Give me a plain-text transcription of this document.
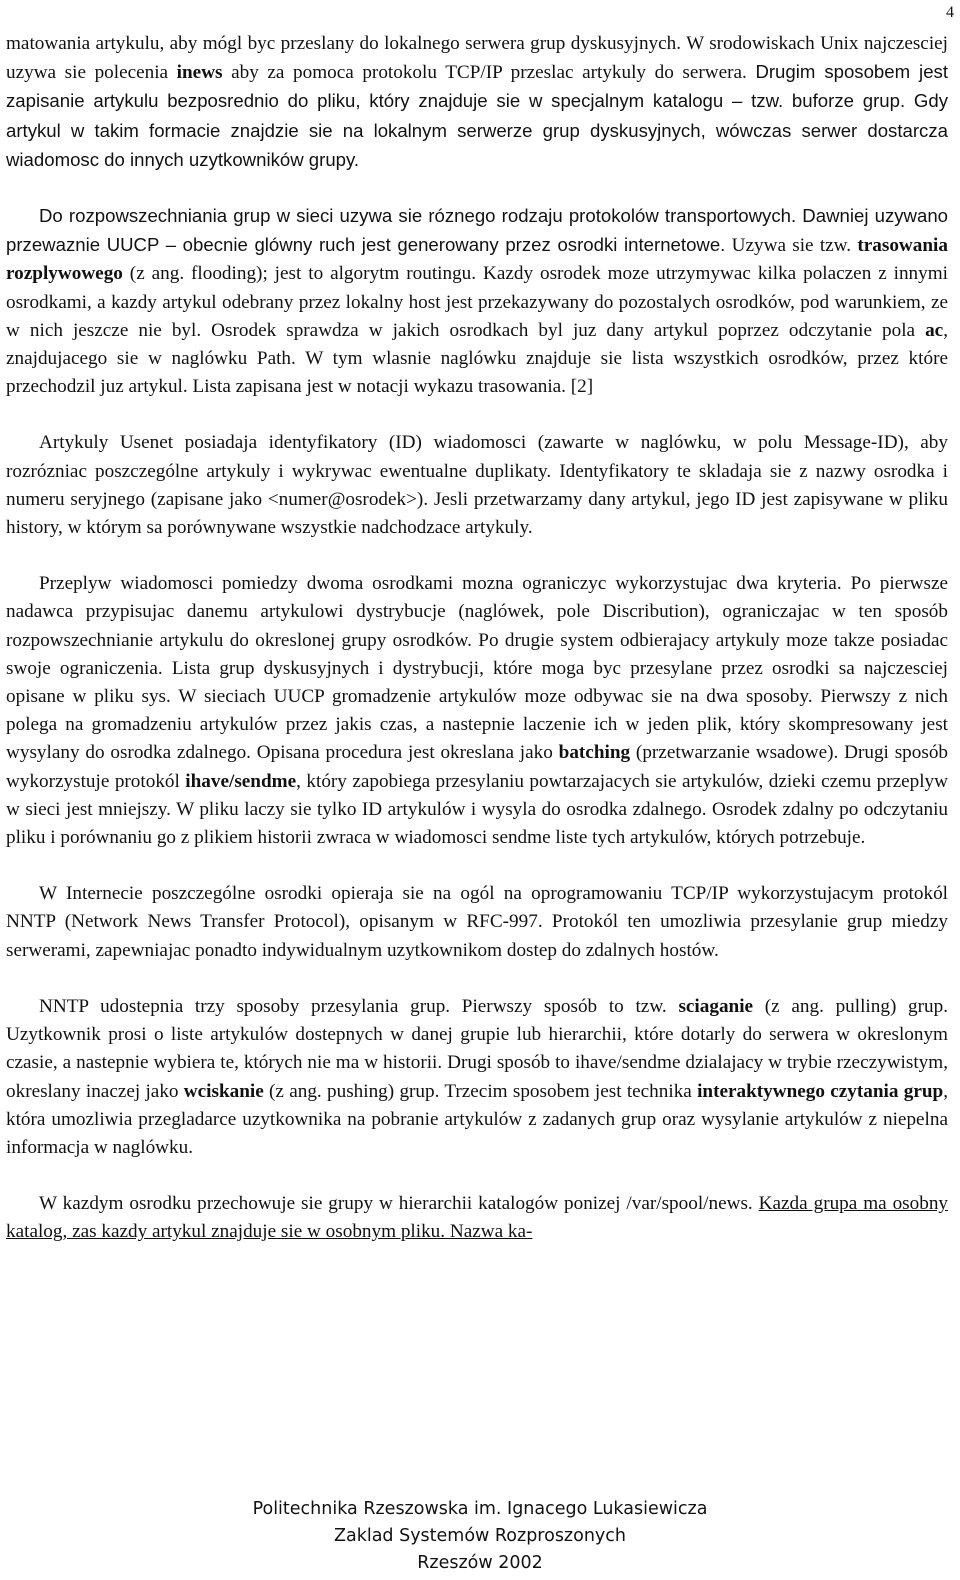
4

matowania artykulu, aby mógl byc przeslany do lokalnego serwera grup dyskusyjnych. W srodowiskach Unix najczesciej uzywa sie polecenia inews aby za pomoca protokolu TCP/IP przeslac artykuly do serwera. Drugim sposobem jest zapisanie artykulu bezposrednio do pliku, który znajduje sie w specjalnym katalogu – tzw. buforze grup. Gdy artykul w takim formacie znajdzie sie na lokalnym serwerze grup dyskusyjnych, wówczas serwer dostarcza wiadomosc do innych uzytkowników grupy.

Do rozpowszechniania grup w sieci uzywa sie róznego rodzaju protokolów transportowych. Dawniej uzywano przewaznie UUCP – obecnie glówny ruch jest generowany przez osrodki internetowe. Uzywa sie tzw. trasowania rozplywowego (z ang. flooding); jest to algorytm routingu. Kazdy osrodek moze utrzymywac kilka polaczen z innymi osrodkami, a kazdy artykul odebrany przez lokalny host jest przekazywany do pozostalych osrodków, pod warunkiem, ze w nich jeszcze nie byl. Osrodek sprawdza w jakich osrodkach byl juz dany artykul poprzez odczytanie pola ac, znajdujacego sie w naglówku Path. W tym wlasnie naglówku znajduje sie lista wszystkich osrodków, przez które przechodzil juz artykul. Lista zapisana jest w notacji wykazu trasowania. [2]

Artykuly Usenet posiadaja identyfikatory (ID) wiadomosci (zawarte w naglówku, w polu Message-ID), aby rozrózniac poszczególne artykuly i wykrywac ewentualne duplikaty. Identyfikatory te skladaja sie z nazwy osrodka i numeru seryjnego (zapisane jako <numer@osrodek>). Jesli przetwarzamy dany artykul, jego ID jest zapisywane w pliku history, w którym sa porównywane wszystkie nadchodzace artykuly.

Przeplyw wiadomosci pomiedzy dwoma osrodkami mozna ograniczyc wykorzystujac dwa kryteria. Po pierwsze nadawca przypisujac danemu artykulowi dystrybucje (naglówek, pole Discribution), ograniczajac w ten sposób rozpowszechnianie artykulu do okreslonej grupy osrodków. Po drugie system odbierajacy artykuly moze takze posiadac swoje ograniczenia. Lista grup dyskusyjnych i dystrybucji, które moga byc przesylane przez osrodki sa najczesciej opisane w pliku sys. W sieciach UUCP gromadzenie artykulów moze odbywac sie na dwa sposoby. Pierwszy z nich polega na gromadzeniu artykulów przez jakis czas, a nastepnie laczenie ich w jeden plik, który skompresowany jest wysylany do osrodka zdalnego. Opisana procedura jest okreslana jako batching (przetwarzanie wsadowe). Drugi sposób wykorzystuje protokól ihave/sendme, który zapobiega przesylaniu powtarzajacych sie artykulów, dzieki czemu przeplyw w sieci jest mniejszy. W pliku laczy sie tylko ID artykulów i wysyla do osrodka zdalnego. Osrodek zdalny po odczytaniu pliku i porównaniu go z plikiem historii zwraca w wiadomosci sendme liste tych artykulów, których potrzebuje.

W Internecie poszczególne osrodki opieraja sie na ogól na oprogramowaniu TCP/IP wykorzystujacym protokól NNTP (Network News Transfer Protocol), opisanym w RFC-997. Protokól ten umozliwia przesylanie grup miedzy serwerami, zapewniajac ponadto indywidualnym uzytkownikom dostep do zdalnych hostów.

NNTP udostepnia trzy sposoby przesylania grup. Pierwszy sposób to tzw. sciaganie (z ang. pulling) grup. Uzytkownik prosi o liste artykulów dostepnych w danej grupie lub hierarchii, które dotarly do serwera w okreslonym czasie, a nastepnie wybiera te, których nie ma w historii. Drugi sposób to ihave/sendme dzialajacy w trybie rzeczywistym, okreslany inaczej jako wciskanie (z ang. pushing) grup. Trzecim sposobem jest technika interaktywnego czytania grup, która umozliwia przegladarce uzytkownika na pobranie artykulów z zadanych grup oraz wysylanie artykulów z niepelna informacja w naglówku.

W kazdym osrodku przechowuje sie grupy w hierarchii katalogów ponizej /var/spool/news. Kazda grupa ma osobny katalog, zas kazdy artykul znajduje sie w osobnym pliku. Nazwa ka-

Politechnika Rzeszowska im. Ignacego Lukasiewicza
Zaklad Systemów Rozproszonych
Rzeszów 2002
